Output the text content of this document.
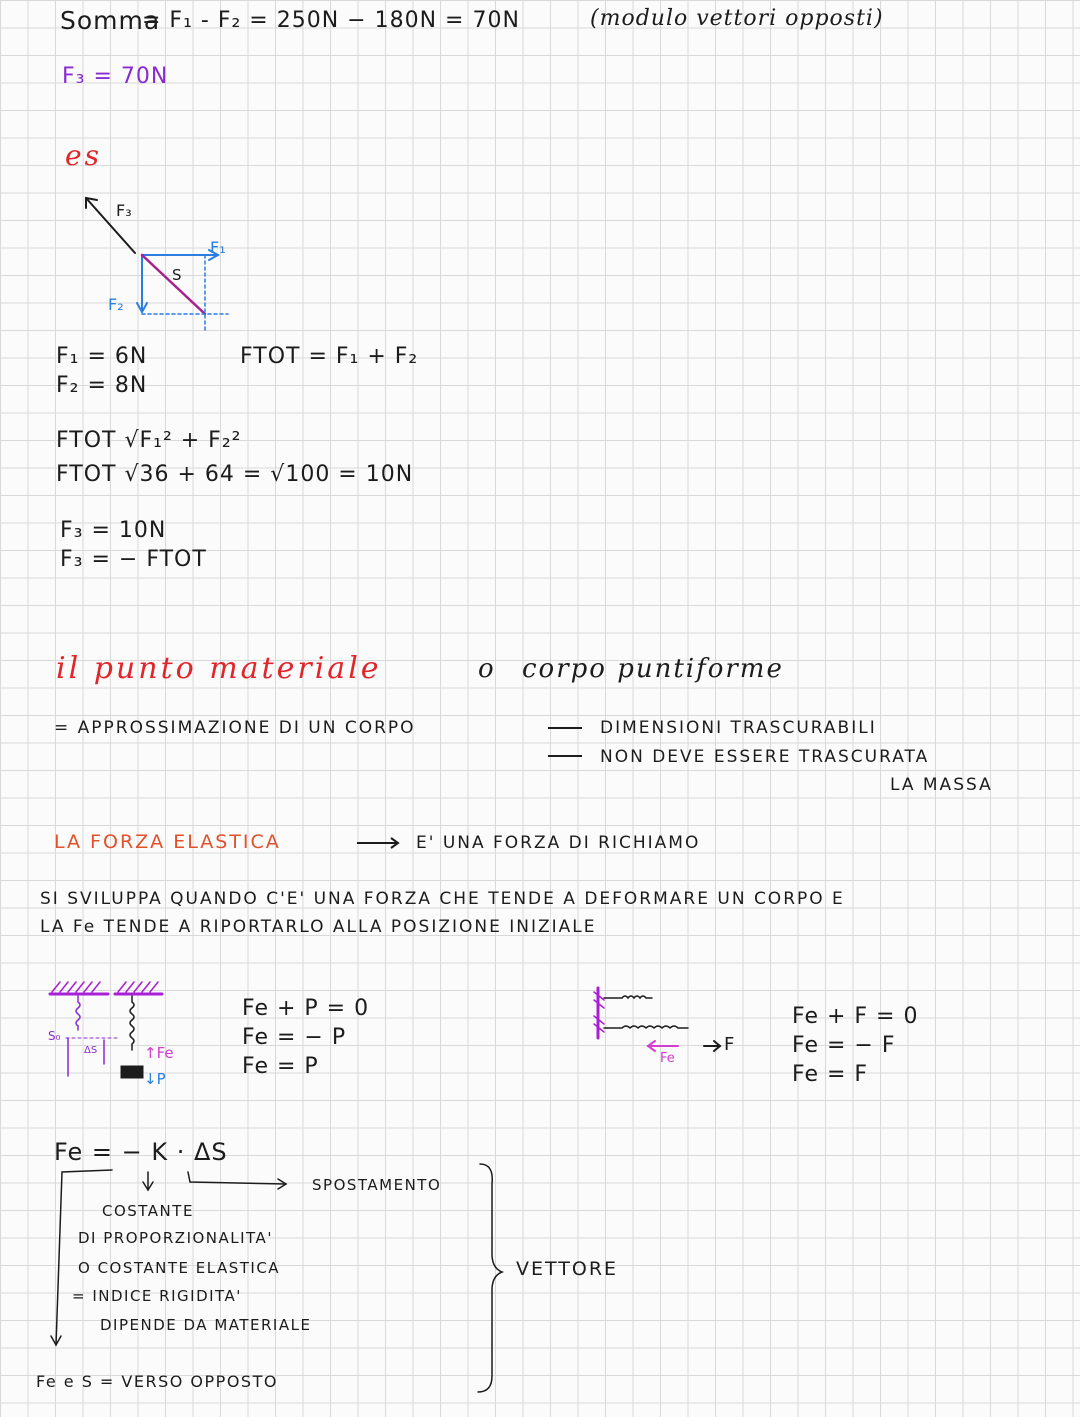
Somma
= F₁ - F₂ = 250N − 180N = 70N	(modulo vettori opposti)
F₃ = 70N
es
F₃
F₁
S
F₂
F₁ = 6N
F₂ = 8N
FTOT = F₁ + F₂
FTOT √F₁² + F₂²
FTOT √36 + 64 = √100 = 10N
F₃ = 10N
F₃ = − FTOT
il punto materiale	o corpo puntiforme
= APPROSSIMAZIONE DI UN CORPO	DIMENSIONI TRASCURABILI
NON DEVE ESSERE TRASCURATA
LA MASSA
LA FORZA ELASTICA	E' UNA FORZA DI RICHIAMO
SI SVILUPPA QUANDO C'E' UNA FORZA CHE TENDE A DEFORMARE UN CORPO E
LA Fe TENDE A RIPORTARLO ALLA POSIZIONE INIZIALE
S₀
ΔS	↑Fe
↓P
Fe + P = 0
Fe = − P
Fe = P	Fe
F
Fe + F = 0
Fe = − F
Fe = F
Fe = − K · ΔS
SPOSTAMENTO
COSTANTE
DI PROPORZIONALITA'
O COSTANTE ELASTICA
= INDICE RIGIDITA'
DIPENDE DA MATERIALE
VETTORE
Fe e S = VERSO OPPOSTO
